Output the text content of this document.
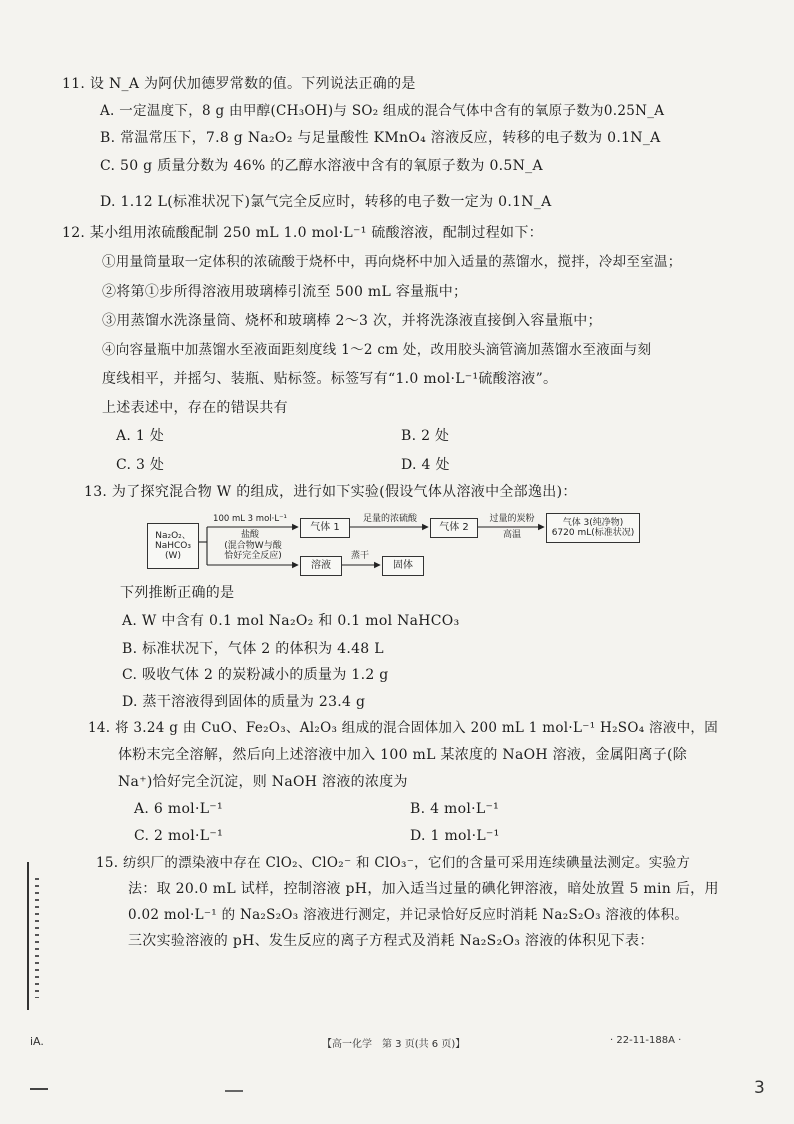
11. 设 N_A 为阿伏加德罗常数的值。下列说法正确的是
A. 一定温度下，8 g 由甲醇(CH₃OH)与 SO₂ 组成的混合气体中含有的氧原子数为0.25N_A
B. 常温常压下，7.8 g Na₂O₂ 与足量酸性 KMnO₄ 溶液反应，转移的电子数为 0.1N_A
C. 50 g 质量分数为 46% 的乙醇水溶液中含有的氧原子数为 0.5N_A
D. 1.12 L(标准状况下)氯气完全反应时，转移的电子数一定为 0.1N_A
12. 某小组用浓硫酸配制 250 mL 1.0 mol·L⁻¹ 硫酸溶液，配制过程如下：
①用量筒量取一定体积的浓硫酸于烧杯中，再向烧杯中加入适量的蒸馏水，搅拌，冷却至室温；
②将第①步所得溶液用玻璃棒引流至 500 mL 容量瓶中；
③用蒸馏水洗涤量筒、烧杯和玻璃棒 2～3 次，并将洗涤液直接倒入容量瓶中；
④向容量瓶中加蒸馏水至液面距刻度线 1～2 cm 处，改用胶头滴管滴加蒸馏水至液面与刻
度线相平，并摇匀、装瓶、贴标签。标签写有“1.0 mol·L⁻¹硫酸溶液”。
上述表述中，存在的错误共有
A. 1 处	B. 2 处
C. 3 处	D. 4 处
13. 为了探究混合物 W 的组成，进行如下实验(假设气体从溶液中全部逸出)：
Na₂O₂、
NaHCO₃
(W)
100 mL 3 mol·L⁻¹
盐酸
(混合物W与酸
恰好完全反应)
气体 1
足量的浓硫酸
气体 2
过量的炭粉
高温
气体 3(纯净物)
6720 mL(标准状况)
溶液
蒸干
固体
下列推断正确的是
A. W 中含有 0.1 mol Na₂O₂ 和 0.1 mol NaHCO₃
B. 标准状况下，气体 2 的体积为 4.48 L
C. 吸收气体 2 的炭粉减小的质量为 1.2 g
D. 蒸干溶液得到固体的质量为 23.4 g
14. 将 3.24 g 由 CuO、Fe₂O₃、Al₂O₃ 组成的混合固体加入 200 mL 1 mol·L⁻¹ H₂SO₄ 溶液中，固
体粉末完全溶解，然后向上述溶液中加入 100 mL 某浓度的 NaOH 溶液，金属阳离子(除
Na⁺)恰好完全沉淀，则 NaOH 溶液的浓度为
A. 6 mol·L⁻¹	B. 4 mol·L⁻¹
C. 2 mol·L⁻¹	D. 1 mol·L⁻¹
15. 纺织厂的漂染液中存在 ClO₂、ClO₂⁻ 和 ClO₃⁻，它们的含量可采用连续碘量法测定。实验方
法：取 20.0 mL 试样，控制溶液 pH，加入适当过量的碘化钾溶液，暗处放置 5 min 后，用
0.02 mol·L⁻¹ 的 Na₂S₂O₃ 溶液进行测定，并记录恰好反应时消耗 Na₂S₂O₃ 溶液的体积。
三次实验溶液的 pH、发生反应的离子方程式及消耗 Na₂S₂O₃ 溶液的体积见下表：
iA.	【高一化学　第 3 页(共 6 页)】	· 22-11-188A ·
3
